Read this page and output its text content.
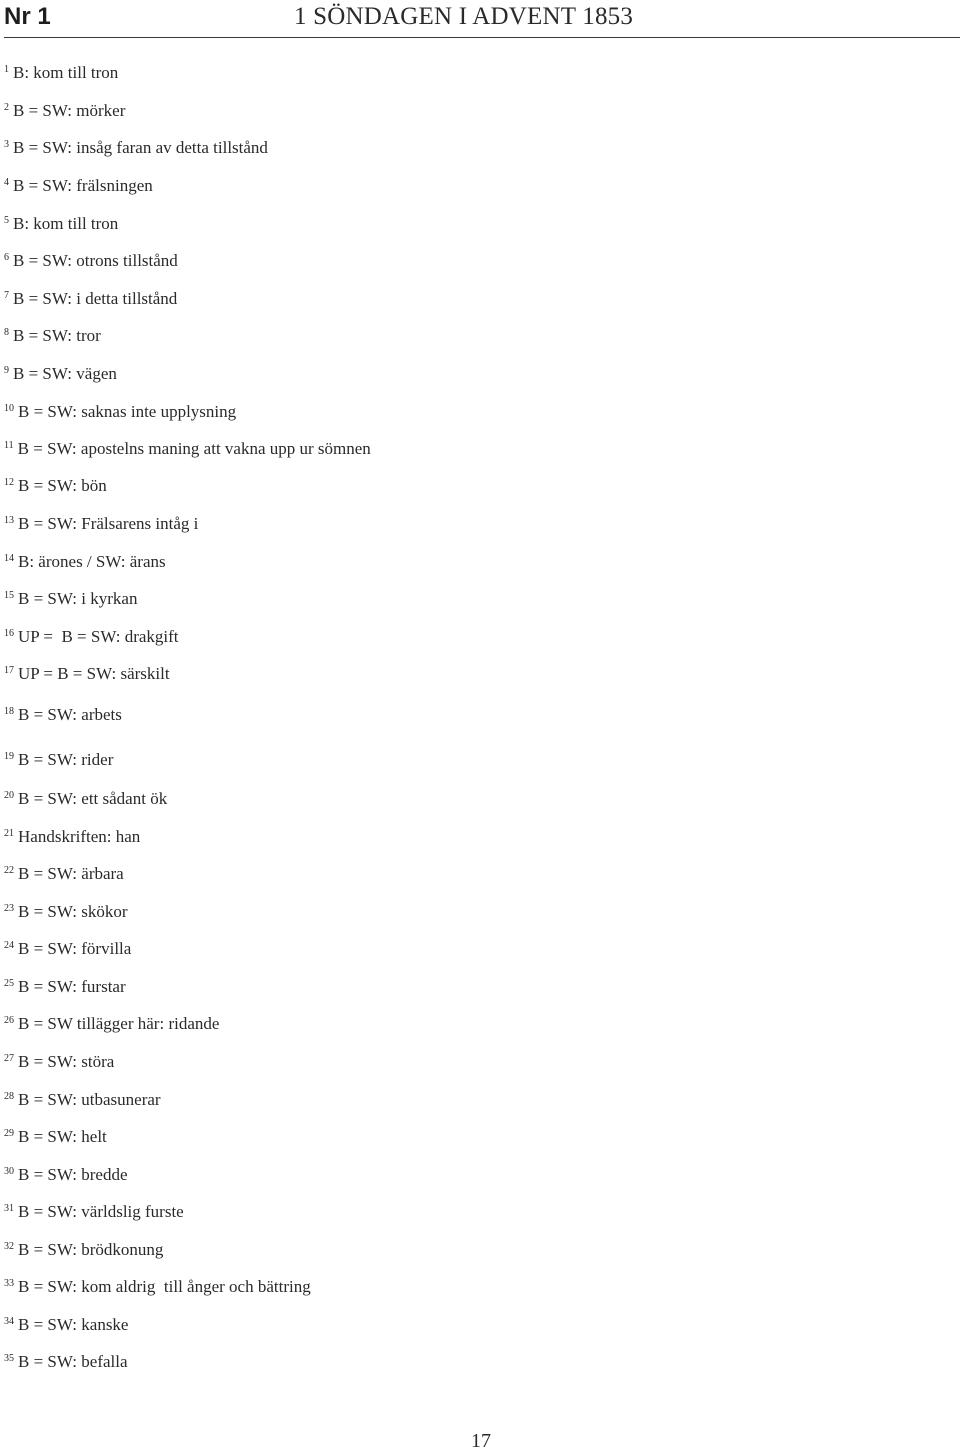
Nr 1	1 SÖNDAGEN I ADVENT 1853
$^1$ B: kom till tron
$^2$ B = SW: mörker
$^3$ B = SW: insåg faran av detta tillstånd
$^4$ B = SW: frälsningen
$^5$ B: kom till tron
$^6$ B = SW: otrons tillstånd
$^7$ B = SW: i detta tillstånd
$^8$ B = SW: tror
$^9$ B = SW: vägen
$^{10}$ B = SW: saknas inte upplysning
$^{11}$ B = SW: apostelns maning att vakna upp ur sömnen
$^{12}$ B = SW: bön
$^{13}$ B = SW: Frälsarens intåg i
$^{14}$ B: ärones / SW: ärans
$^{15}$ B = SW: i kyrkan
$^{16}$ UP =  B = SW: drakgift
$^{17}$ UP = B = SW: särskilt
$^{18}$ B = SW: arbets
$^{19}$ B = SW: rider
$^{20}$ B = SW: ett sådant ök
$^{21}$ Handskriften: han
$^{22}$ B = SW: ärbara
$^{23}$ B = SW: skökor
$^{24}$ B = SW: förvilla
$^{25}$ B = SW: furstar
$^{26}$ B = SW tillägger här: ridande
$^{27}$ B = SW: störa
$^{28}$ B = SW: utbasunerar
$^{29}$ B = SW: helt
$^{30}$ B = SW: bredde
$^{31}$ B = SW: världslig furste
$^{32}$ B = SW: brödkonung
$^{33}$ B = SW: kom aldrig  till ånger och bättring
$^{34}$ B = SW: kanske
$^{35}$ B = SW: befalla
17
